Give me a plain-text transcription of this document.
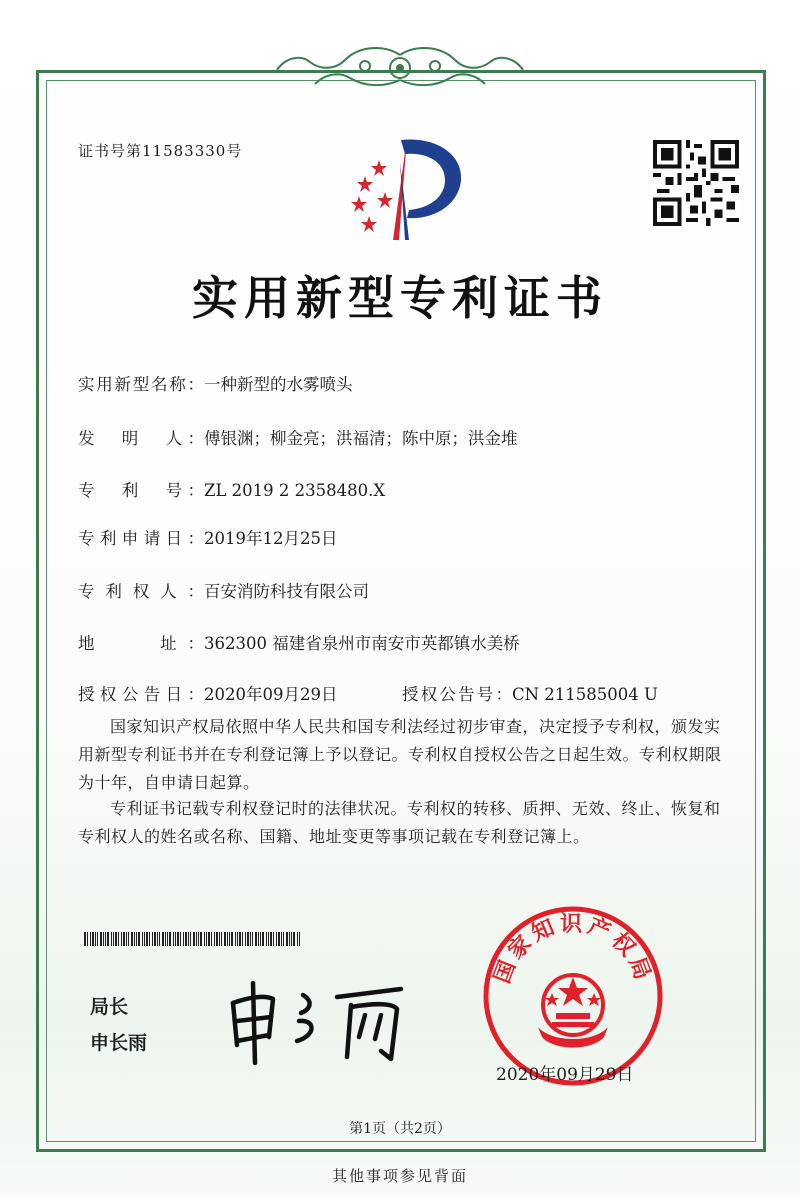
证书号第11583330号
实用新型专利证书
实用新型名称：一种新型的水雾喷头
发　明　人：傅银渊；柳金亮；洪福清；陈中原；洪金堆
专　利　号：ZL 2019 2 2358480.X
专利申请日：2019年12月25日
专利权人：百安消防科技有限公司
地　　址：362300 福建省泉州市南安市英都镇水美桥
授权公告日：2020年09月29日	授权公告号：CN 211585004 U
国家知识产权局依照中华人民共和国专利法经过初步审查，决定授予专利权，颁发实用新型专利证书并在专利登记簿上予以登记。专利权自授权公告之日起生效。专利权期限为十年，自申请日起算。
专利证书记载专利权登记时的法律状况。专利权的转移、质押、无效、终止、恢复和专利权人的姓名或名称、国籍、地址变更等事项记载在专利登记簿上。
局长
申长雨
国家知识产权局
2020年09月29日
第1页（共2页）
其他事项参见背面
